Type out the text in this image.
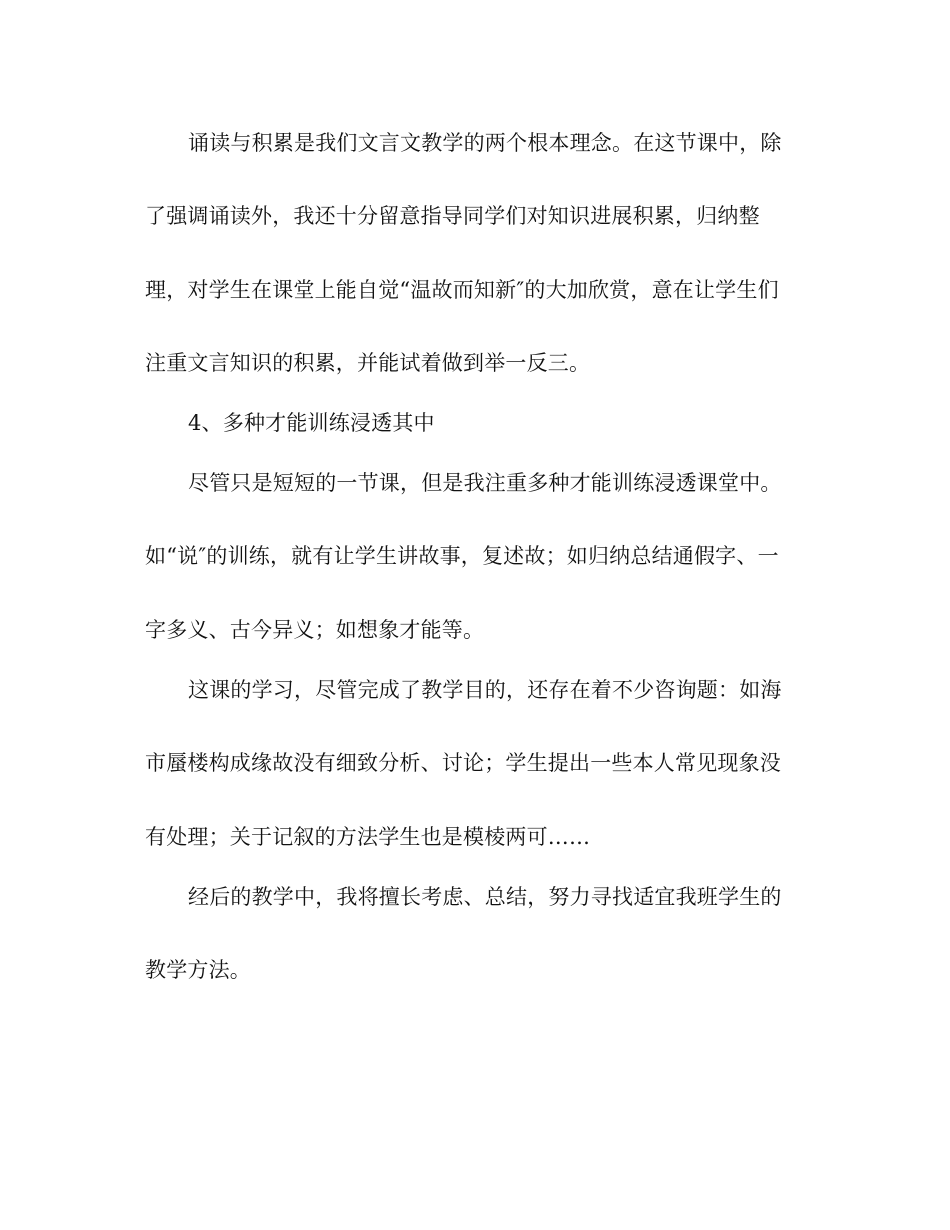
诵读与积累是我们文言文教学的两个根本理念。在这节课中，除
了强调诵读外，我还十分留意指导同学们对知识进展积累，归纳整
理，对学生在课堂上能自觉“温故而知新″的大加欣赏，意在让学生们
注重文言知识的积累，并能试着做到举一反三。
4、多种才能训练浸透其中
尽管只是短短的一节课，但是我注重多种才能训练浸透课堂中。
如“说″的训练，就有让学生讲故事，复述故；如归纳总结通假字、一
字多义、古今异义；如想象才能等。
这课的学习，尽管完成了教学目的，还存在着不少咨询题：如海
市蜃楼构成缘故没有细致分析、讨论；学生提出一些本人常见现象没
有处理；关于记叙的方法学生也是模棱两可……
经后的教学中，我将擅长考虑、总结，努力寻找适宜我班学生的
教学方法。
